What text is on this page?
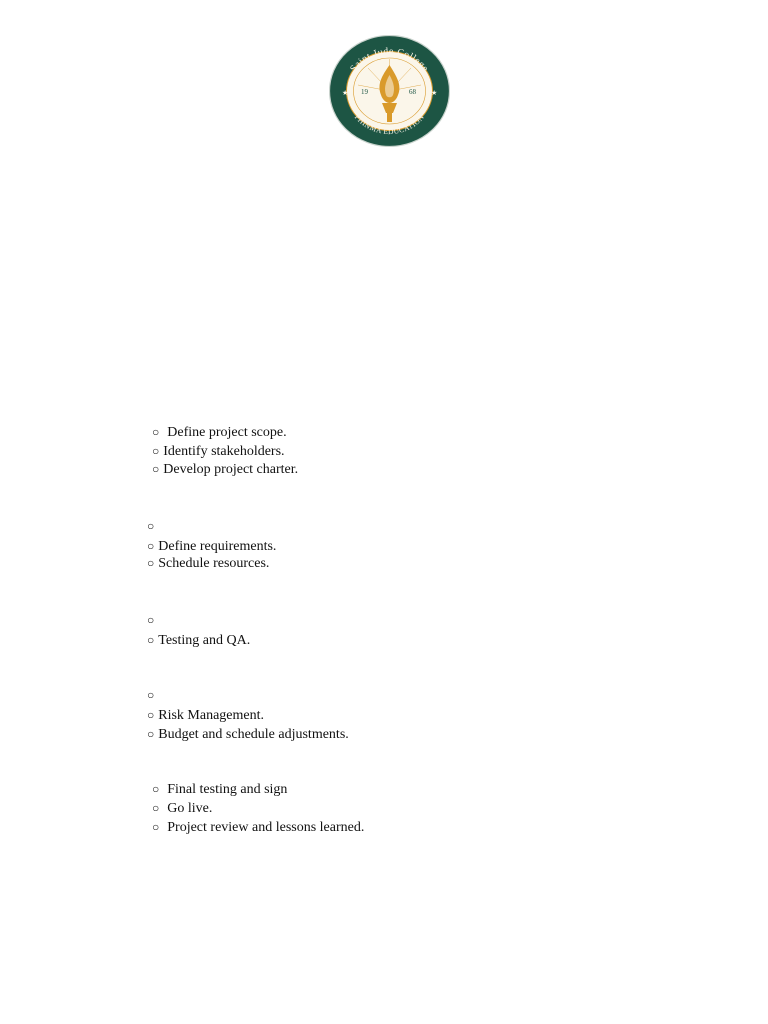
★	★
19	68
Saint Jude College
PHINMA EDUCATION
○ Define project scope.
○ Identify stakeholders.
○ Develop project charter.
○
○ Define requirements.
○ Schedule resources.
○
○ Testing and QA.
○
○ Risk Management.
○ Budget and schedule adjustments.
○ Final testing and sign
○ Go live.
○ Project review and lessons learned.
